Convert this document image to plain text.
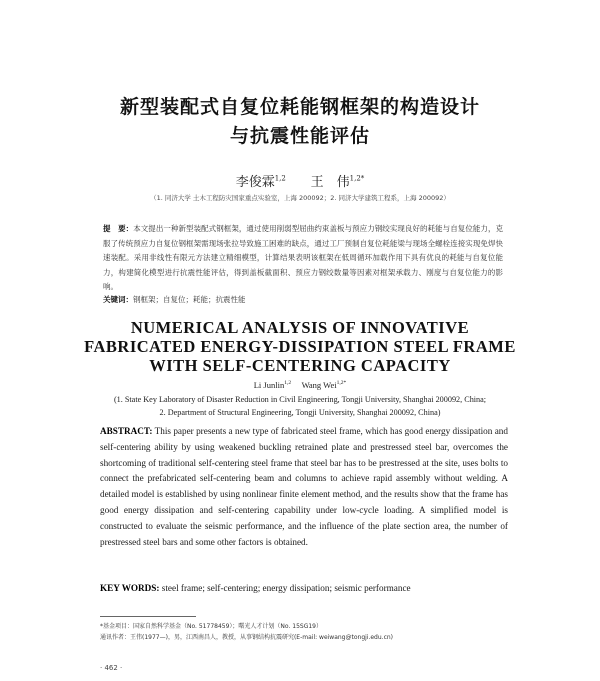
新型装配式自复位耗能钢框架的构造设计
与抗震性能评估
李俊霖$^{1,2}$ 王　伟$^{1,2*}$
（1. 同济大学 土木工程防灾国家重点实验室，上海 200092；2. 同济大学建筑工程系，上海 200092）
提　要：本文提出一种新型装配式钢框架，通过使用削弱型屈曲约束盖板与预应力钢绞实现良好的耗能与自复位能力，克服了传统预应力自复位钢框架需现场张拉导致施工困难的缺点，通过工厂预制自复位耗能梁与现场全螺栓连接实现免焊快速装配。采用非线性有限元方法建立精细模型，计算结果表明该框架在低周循环加载作用下具有优良的耗能与自复位能力，构建简化模型进行抗震性能评估，得到盖板截面积、预应力钢绞数量等因素对框架承载力、刚度与自复位能力的影响。
关键词：钢框架；自复位；耗能；抗震性能
NUMERICAL ANALYSIS OF INNOVATIVE
FABRICATED ENERGY-DISSIPATION STEEL FRAME
WITH SELF-CENTERING CAPACITY
Li Junlin$^{1,2}$ Wang Wei$^{1,2*}$
(1. State Key Laboratory of Disaster Reduction in Civil Engineering, Tongji University, Shanghai 200092, China;
2. Department of Structural Engineering, Tongji University, Shanghai 200092, China)
ABSTRACT: This paper presents a new type of fabricated steel frame, which has good energy dissipation and self-centering ability by using weakened buckling retrained plate and prestressed steel bar, overcomes the shortcoming of traditional self-centering steel frame that steel bar has to be prestressed at the site, uses bolts to connect the prefabricated self-centering beam and columns to achieve rapid assembly without welding. A detailed model is established by using nonlinear finite element method, and the results show that the frame has good energy dissipation and self-centering capability under low-cycle loading. A simplified model is constructed to evaluate the seismic performance, and the influence of the plate section area, the number of prestressed steel bars and some other factors is obtained.
KEY WORDS: steel frame; self-centering; energy dissipation; seismic performance
*基金项目：国家自然科学基金（No. 51778459）；曙光人才计划（No. 15SG19）
通讯作者：王伟(1977—)，男，江西南昌人，教授，从事钢结构抗震研究(E-mail: weiwang@tongji.edu.cn)
· 462 ·
